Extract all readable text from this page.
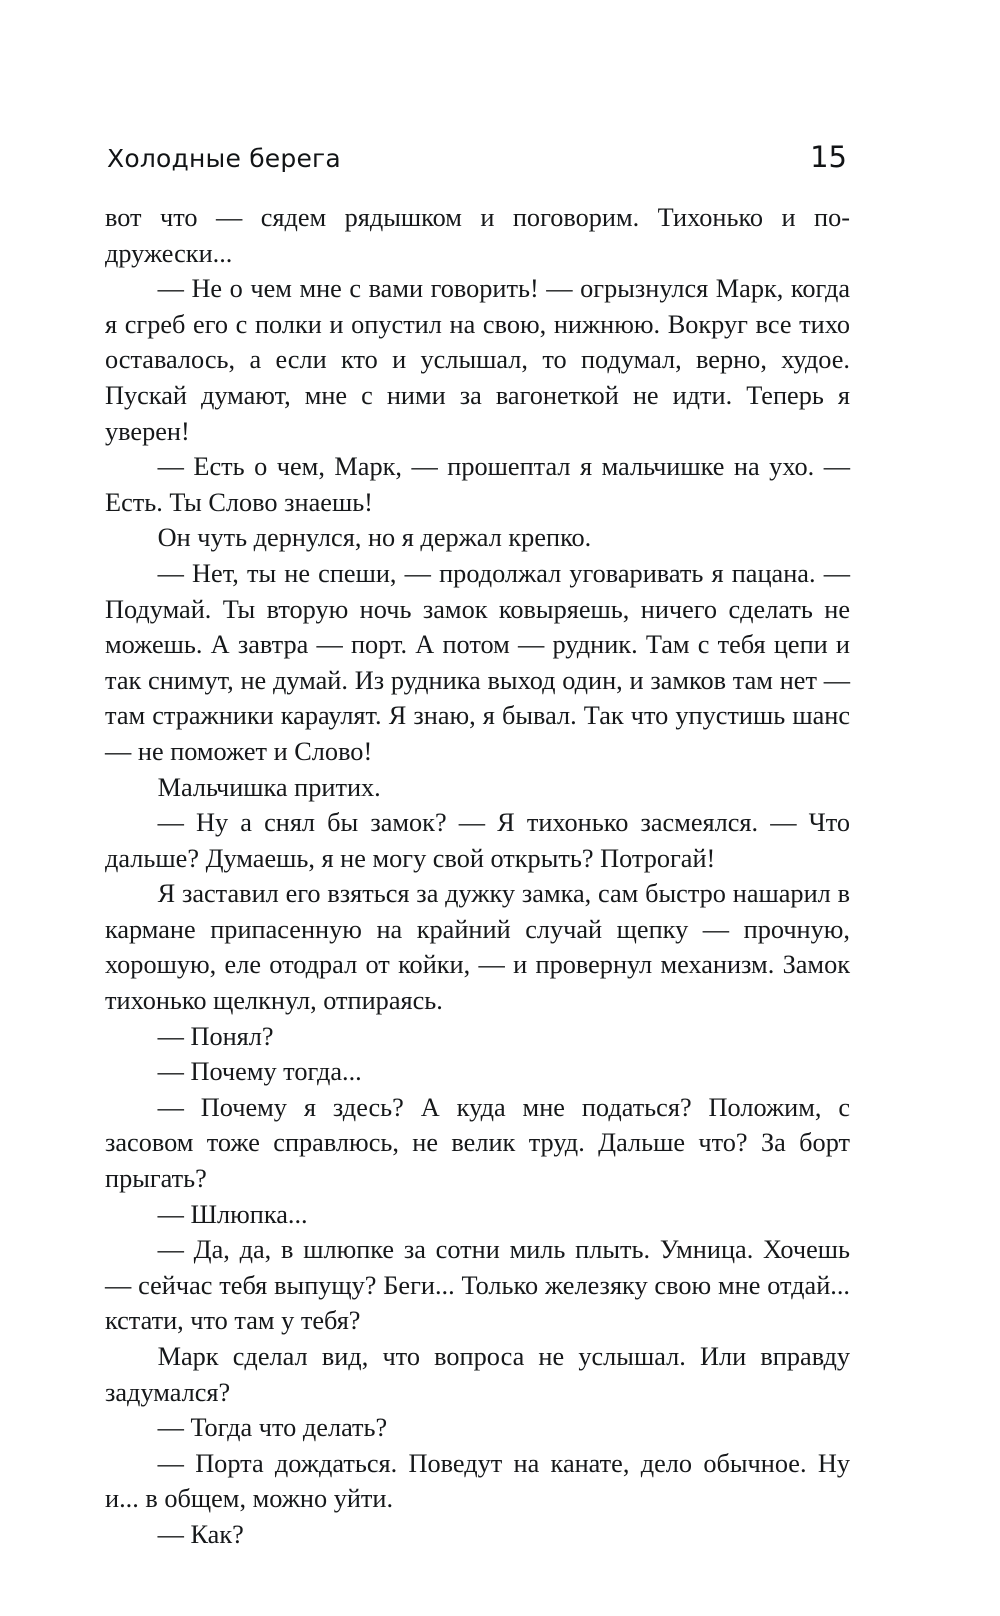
Холодные берега	15

вот что — сядем рядышком и поговорим. Тихонько и по-дружески...

— Не о чем мне с вами говорить! — огрызнулся Марк, когда я сгреб его с полки и опустил на свою, нижнюю. Вокруг все тихо оставалось, а если кто и услышал, то подумал, верно, худое. Пускай думают, мне с ними за вагонеткой не идти. Теперь я уверен!

— Есть о чем, Марк, — прошептал я мальчишке на ухо. — Есть. Ты Слово знаешь!

Он чуть дернулся, но я держал крепко.

— Нет, ты не спеши, — продолжал уговаривать я пацана. — Подумай. Ты вторую ночь замок ковыряешь, ничего сделать не можешь. А завтра — порт. А потом — рудник. Там с тебя цепи и так снимут, не думай. Из рудника выход один, и замков там нет — там стражники караулят. Я знаю, я бывал. Так что упустишь шанс — не поможет и Слово!

Мальчишка притих.

— Ну а снял бы замок? — Я тихонько засмеялся. — Что дальше? Думаешь, я не могу свой открыть? Потрогай!

Я заставил его взяться за дужку замка, сам быстро нашарил в кармане припасенную на крайний случай щепку — прочную, хорошую, еле отодрал от койки, — и провернул механизм. Замок тихонько щелкнул, отпираясь.

— Понял?

— Почему тогда...

— Почему я здесь? А куда мне податься? Положим, с засовом тоже справлюсь, не велик труд. Дальше что? За борт прыгать?

— Шлюпка...

— Да, да, в шлюпке за сотни миль плыть. Умница. Хочешь — сейчас тебя выпущу? Беги... Только железяку свою мне отдай... кстати, что там у тебя?

Марк сделал вид, что вопроса не услышал. Или вправду задумался?

— Тогда что делать?

— Порта дождаться. Поведут на канате, дело обычное. Ну и... в общем, можно уйти.

— Как?
